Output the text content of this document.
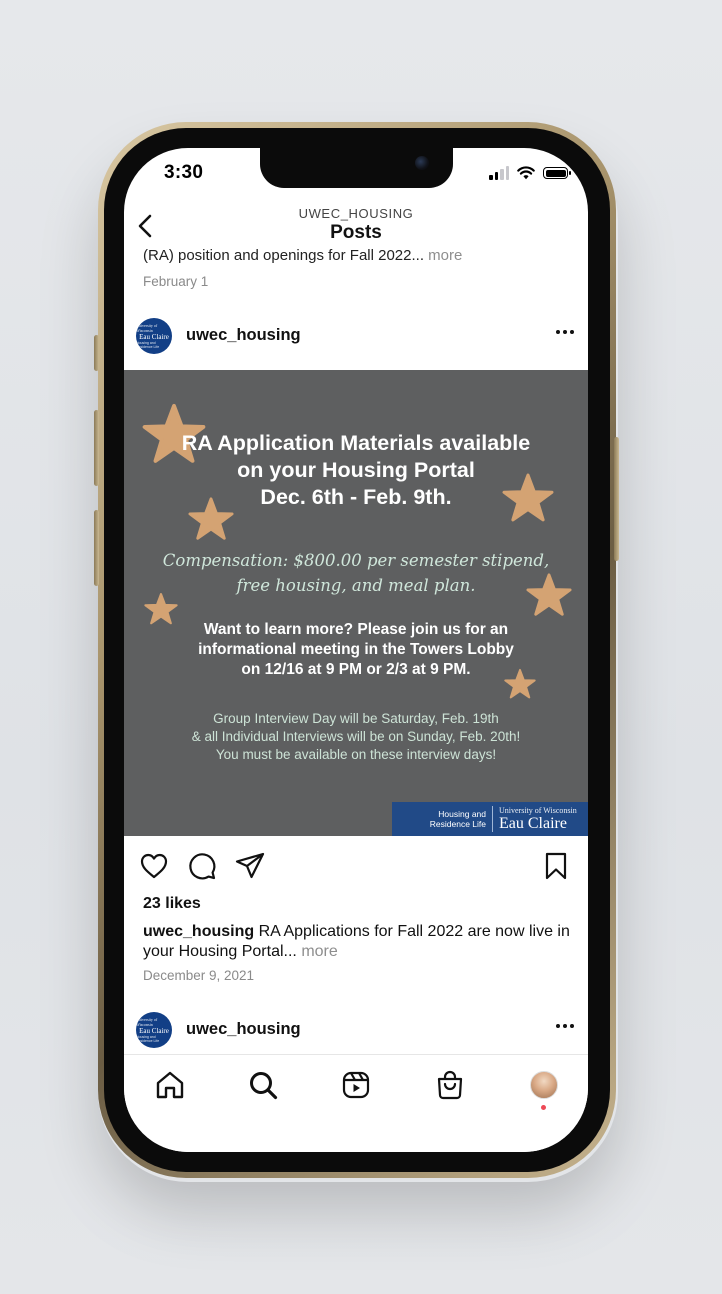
3:30
UWEC_HOUSING
Posts
(RA) position and openings for Fall 2022... more
February 1
University of Wisconsin
Eau Claire
Housing and Residence Life
uwec_housing
RA Application Materials available
on your Housing Portal
Dec. 6th - Feb. 9th.
Compensation: $800.00 per semester stipend,
free housing, and meal plan.
Want to learn more? Please join us for an
informational meeting in the Towers Lobby
on 12/16 at 9 PM or 2/3 at 9 PM.
Group Interview Day will be Saturday, Feb. 19th
& all Individual Interviews will be on Sunday, Feb. 20th!
You must be available on these interview days!
Housing and
Residence Life
University of Wisconsin
Eau Claire
23 likes
uwec_housing RA Applications for Fall 2022 are now live in your Housing Portal... more
December 9, 2021
University of Wisconsin
Eau Claire
Housing and Residence Life
uwec_housing
